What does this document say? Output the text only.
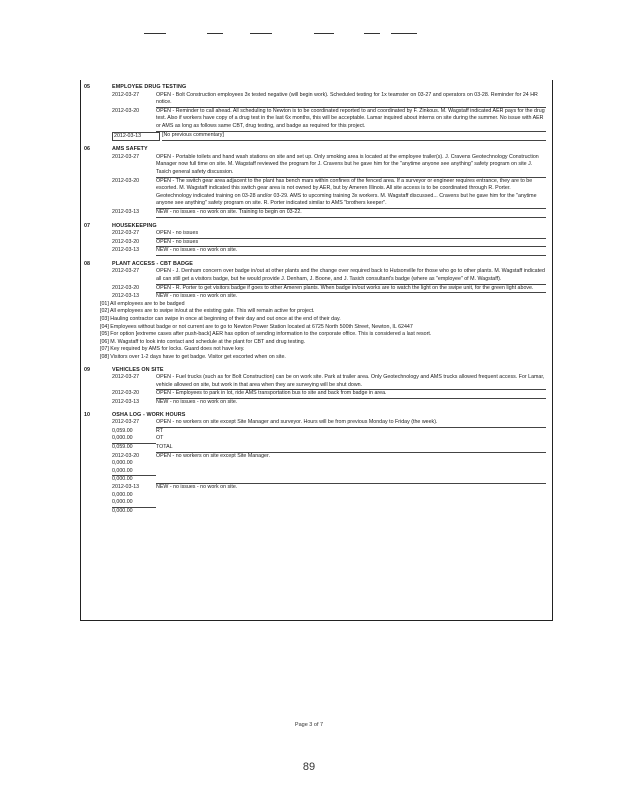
05	EMPLOYEE DRUG TESTING
2012-03-27	OPEN - Bolt Construction employees 3x tested negative (will begin work). Scheduled testing for 1x teamster on 03-27 and operators on 03-28. Reminder for 24 HR notice.
2012-03-20	OPEN - Reminder to call ahead. All scheduling to Newton is to be coordinated reported to and coordinated by F. Zinkous. M. Wagstaff indicated AER pays for the drug test. Also if workers have copy of a drug test in the last 6x months, this will be acceptable. Lamar inquired about interns on site during the summer. No issue with AER or AMS as long as follows same CBT, drug testing, and badge as required for this project.
2012-03-13	[No previous commentary]
06	AMS SAFETY
2012-03-27	OPEN - Portable toilets and hand wash stations on site and set up. Only smoking area is located at the employee trailer(s). J. Cravens Geotechnology Construction Manager now full time on site. M. Wagstaff reviewed the program for J. Cravens but he gave him for the "anytime anyone see anything" safety program on site J. Tasich general safety discussion.
2012-03-20	OPEN - The switch gear area adjacent to the plant has bench mars within confines of the fenced area. If a surveyor or engineer requires entrance, they are to be escorted. M. Wagstaff indicated this switch gear area is not owned by AER, but by Ameren Illinois. All site access is to be coordinated through R. Porter. Geotechnology indicated training on 03-28 and/or 03-29. AMS to upcoming training 3x workers. M. Wagstaff discussed... Cravens but he gave him for the "anytime anyone see anything" safety program on site. R. Porter indicated similar to AMS "brothers keeper".
2012-03-13	NEW - no issues - no work on site. Training to begin on 03-22.
07	HOUSEKEEPING
2012-03-27	OPEN - no issues
2012-03-20	OPEN - no issues
2012-03-13	NEW - no issues - no work on site.
08	PLANT ACCESS - CBT BADGE
2012-03-27	OPEN - J. Denham concern over badge in/out at other plants and the change over required back to Hutsonville for those who go to other plants. M. Wagstaff indicated all can still get a visitors badge, but he would provide J. Denham, J. Boone, and J. Tasich consultant's badge (where as "employee" of M. Wagstaff).
2012-03-20	OPEN - R. Porter to get visitors badge if goes to other Ameren plants. When badge in/out works are to watch the light on the swipe unit, for the green light above.
2012-03-13	NEW - no issues - no work on site.
[01] All employees are to be badged
[02] All employees are to swipe in/out at the existing gate. This will remain active for project.
[03] Hauling contractor can swipe in once at beginning of their day and out once at the end of their day.
[04] Employees without badge or not current are to go to Newton Power Station located at 6725 North 500th Street, Newton, IL 62447
[05] For option [extreme cases after push-back] AER has option of sending information to the corporate office. This is considered a last resort.
[06] M. Wagstaff to look into contact and schedule at the plant for CBT and drug testing.
[07] Key required by AMS for locks. Guard does not have key.
[08] Visitors over 1-2 days have to get badge. Visitor get escorted when on site.
09	VEHICLES ON SITE
2012-03-27	OPEN - Fuel trucks (such as for Bolt Construction) can be on work site. Park at trailer area. Only Geotechnology and AMS trucks allowed frequent access. For Lamar, vehicle allowed on site, but work in that area when they are surveying will be shut down.
2012-03-20	OPEN - Employees to park in lot, ride AMS transportation bus to site and back from badge in area.
2012-03-13	NEW - no issues - no work on site.
10	OSHA LOG - WORK HOURS
2012-03-27	OPEN - no workers on site except Site Manager and surveyor. Hours will be from previous Monday to Friday (the week).
0,059.00	RT
0,000.00	OT
0,059.00	TOTAL
2012-03-20	OPEN - no workers on site except Site Manager.
0,000.00
0,000.00
0,000.00
2012-03-13	NEW - no issues - no work on site.
0,000.00
0,000.00
0,000.00
Page 3 of 7
89
